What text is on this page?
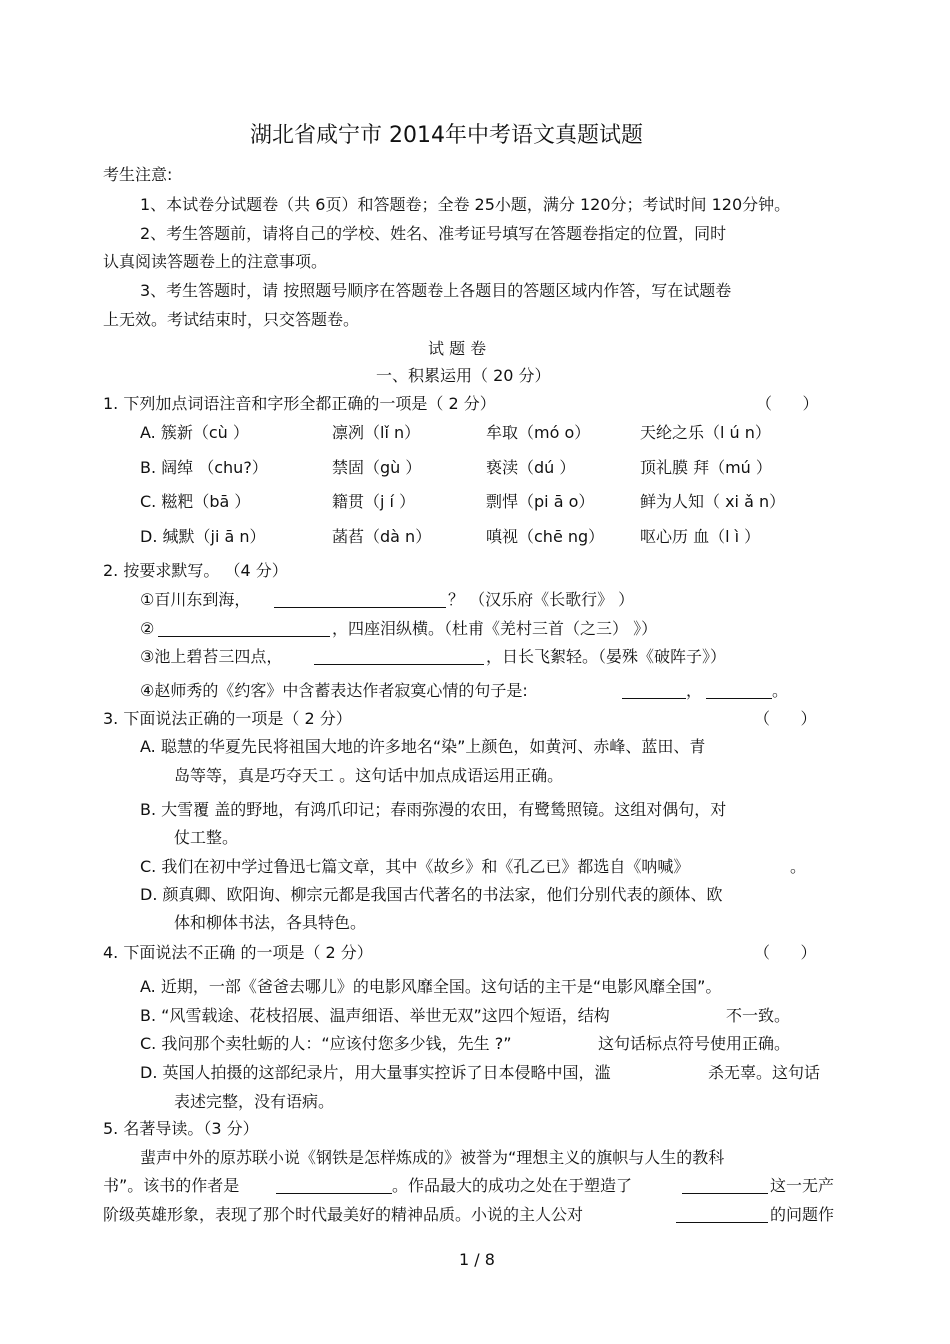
湖北省咸宁市 2014年中考语文真题试题
考生注意:
1、本试卷分试题卷（共 6页）和答题卷；全卷 25小题，满分 120分；考试时间 120分钟。
2、考生答题前，请将自己的学校、姓名、准考证号填写在答题卷指定的位置，同时
认真阅读答题卷上的注意事项。
3、考生答题时，请 按照题号顺序在答题卷上各题目的答题区域内作答，写在试题卷
上无效。考试结束时，只交答题卷。
试 题 卷
一、积累运用（ 20 分）
1. 下列加点词语注音和字形全都正确的一项是（ 2 分）	（      ）
A. 簇新（cù ）	凛冽（lǐ n）	牟取（mó o）	天纶之乐（l ú n）
B. 阔绰 （chu?）	禁固（gù ）	亵渎（dú ）	顶礼膜 拜（mú ）
C. 糍粑（bā ）	籍贯（j í ）	剽悍（pi ā o）	鲜为人知（ xi ǎ n）
D. 缄默（ji ā n）	菡萏（dà n）	嗔视（chē ng） 呕心历 血（l ì ）
2. 按要求默写。 （4 分）
①百川东到海，	？ （汉乐府《长歌行》 ）
②	，四座泪纵横。（杜甫《羌村三首（之三） 》）
③池上碧苔三四点，	，日长飞絮轻。（晏殊《破阵子》）
④赵师秀的《约客》中含蓄表达作者寂寞心情的句子是:	，	。
3. 下面说法正确的一项是（ 2 分）	（      ）
A. 聪慧的华夏先民将祖国大地的许多地名“染”上颜色，如黄河、赤峰、蓝田、青
岛等等，真是巧夺天工 。这句话中加点成语运用正确。
B. 大雪覆 盖的野地，有鸿爪印记；春雨弥漫的农田，有鹭鸶照镜。这组对偶句，对
仗工整。
C. 我们在初中学过鲁迅七篇文章，其中《故乡》和《孔乙已》都选自《呐喊》	。
D. 颜真卿、欧阳询、柳宗元都是我国古代著名的书法家，他们分别代表的颜体、欧
体和柳体书法，各具特色。
4. 下面说法不正确 的一项是（ 2 分）	（      ）
A. 近期，一部《爸爸去哪儿》的电影风靡全国。这句话的主干是“电影风靡全国”。
B. “风雪载途、花枝招展、温声细语、举世无双”这四个短语，结构	不一致。
C. 我问那个卖牡蛎的人：“应该付您多少钱，先生 ?”	这句话标点符号使用正确。
D. 英国人拍摄的这部纪录片，用大量事实控诉了日本侵略中国，滥	杀无辜。这句话
表述完整，没有语病。
5. 名著导读。（3 分）
蜚声中外的原苏联小说《钢铁是怎样炼成的》被誉为“理想主义的旗帜与人生的教科
书”。该书的作者是	。作品最大的成功之处在于塑造了	这一无产
阶级英雄形象，表现了那个时代最美好的精神品质。小说的主人公对	的问题作
1 / 8
